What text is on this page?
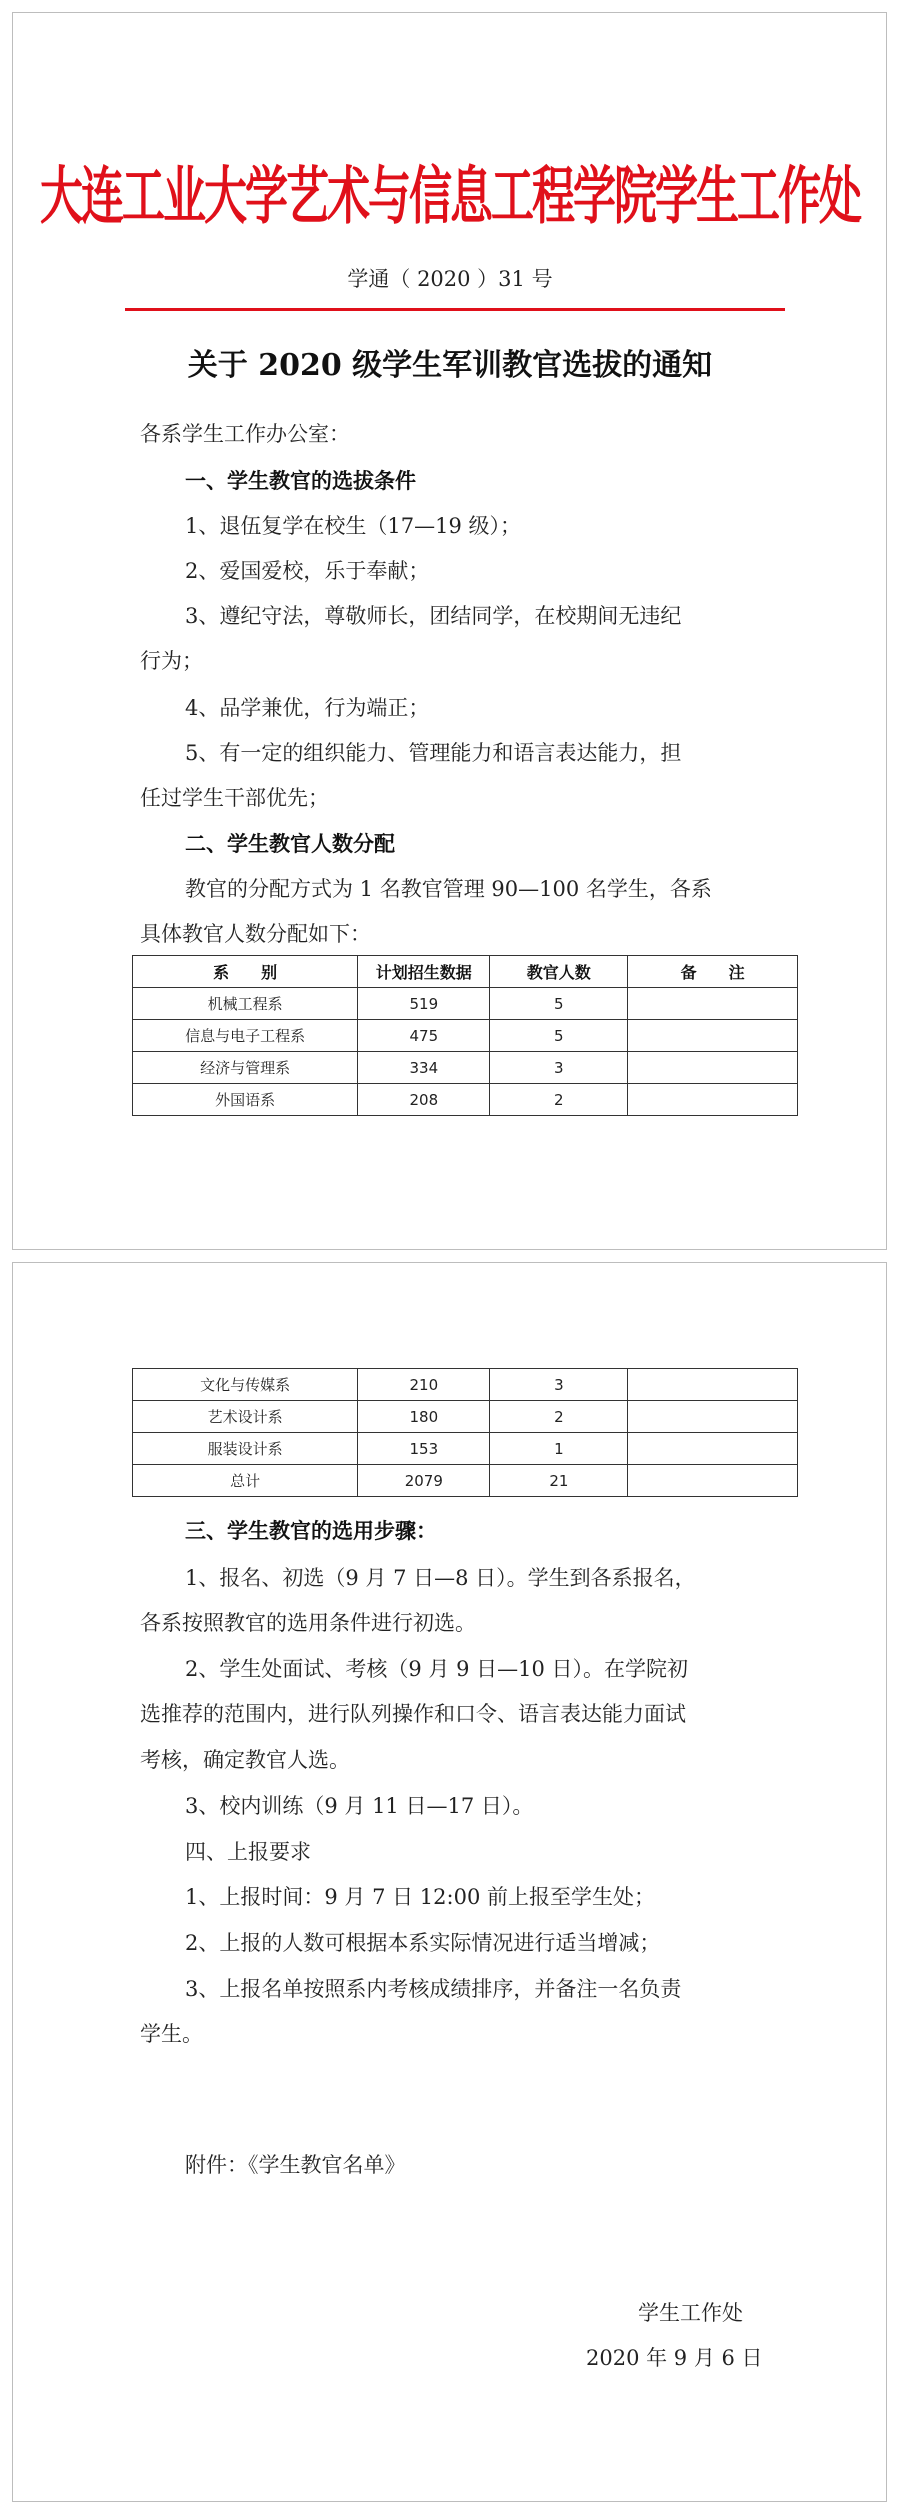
大连工业大学艺术与信息工程学院学生工作处
学通（ 2020 ）31 号
关于 2020 级学生军训教官选拔的通知
各系学生工作办公室：
一、学生教官的选拔条件
1、退伍复学在校生（17—19 级）；
2、爱国爱校，乐于奉献；
3、遵纪守法，尊敬师长，团结同学，在校期间无违纪
行为；
4、品学兼优，行为端正；
5、有一定的组织能力、管理能力和语言表达能力，担
任过学生干部优先；
二、学生教官人数分配
教官的分配方式为 1 名教官管理 90—100 名学生，各系
具体教官人数分配如下：
系　　别	计划招生数据	教官人数	备　　注
机械工程系	519	5	
信息与电子工程系	475	5	
经济与管理系	334	3	
外国语系	208	2	
文化与传媒系	210	3	
艺术设计系	180	2	
服装设计系	153	1	
总计	2079	21	
三、学生教官的选用步骤：
1、报名、初选（9 月 7 日—8 日）。学生到各系报名，
各系按照教官的选用条件进行初选。
2、学生处面试、考核（9 月 9 日—10 日）。在学院初
选推荐的范围内，进行队列操作和口令、语言表达能力面试
考核，确定教官人选。
3、校内训练（9 月 11 日—17 日）。
四、上报要求
1、上报时间：9 月 7 日 12:00 前上报至学生处；
2、上报的人数可根据本系实际情况进行适当增减；
3、上报名单按照系内考核成绩排序，并备注一名负责
学生。
附件：《学生教官名单》
学生工作处
2020 年 9 月 6 日
